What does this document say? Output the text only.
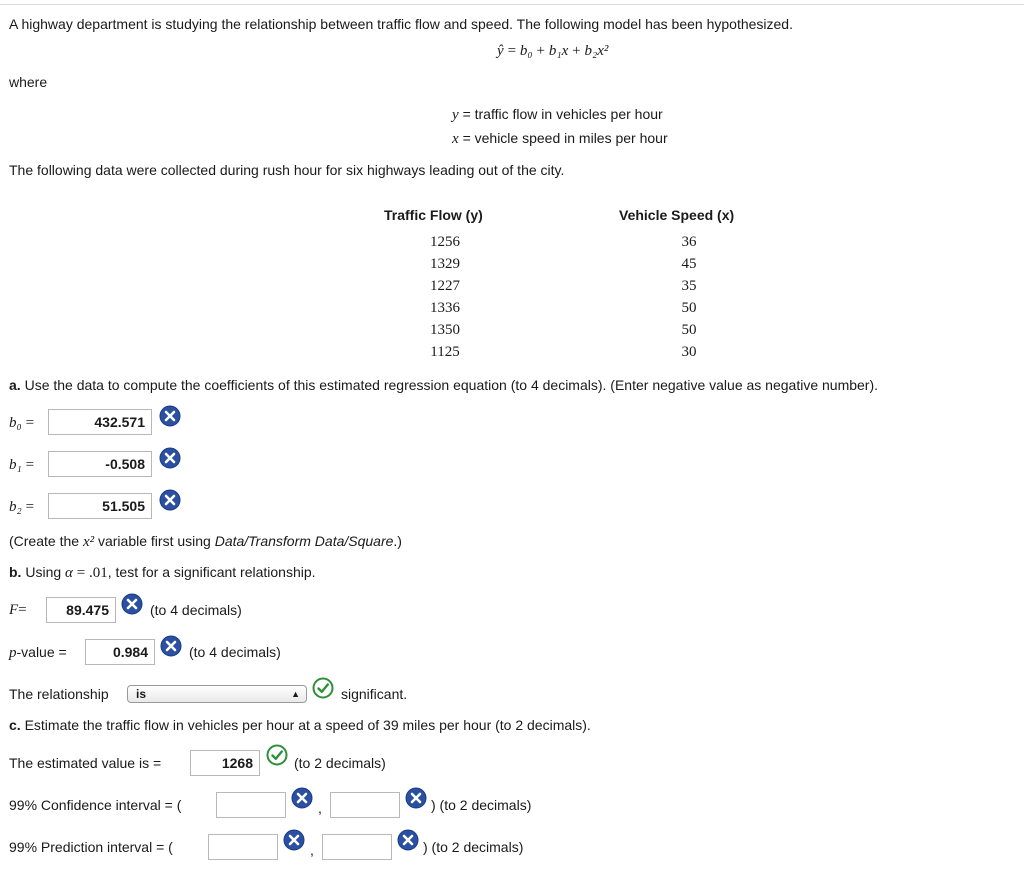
A highway department is studying the relationship between traffic flow and speed. The following model has been hypothesized.
ŷ = b₀ + b₁x + b₂x²
where
y = traffic flow in vehicles per hour
x = vehicle speed in miles per hour
The following data were collected during rush hour for six highways leading out of the city.
Traffic Flow (y)	Vehicle Speed (x)
1256	36
1329	45
1227	35
1336	50
1350	50
1125	30
a. Use the data to compute the coefficients of this estimated regression equation (to 4 decimals). (Enter negative value as negative number).
b₀ =	432.571
b₁ =	-0.508
b₂ =	51.505
(Create the x² variable first using Data/Transform Data/Square.)
b. Using α = .01, test for a significant relationship.
F=	89.475	(to 4 decimals)
p-value =	0.984	(to 4 decimals)
The relationship	is	▲	significant.
c. Estimate the traffic flow in vehicles per hour at a speed of 39 miles per hour (to 2 decimals).
The estimated value is =	1268	(to 2 decimals)
99% Confidence interval = (	,	) (to 2 decimals)
99% Prediction interval = (	,	) (to 2 decimals)
